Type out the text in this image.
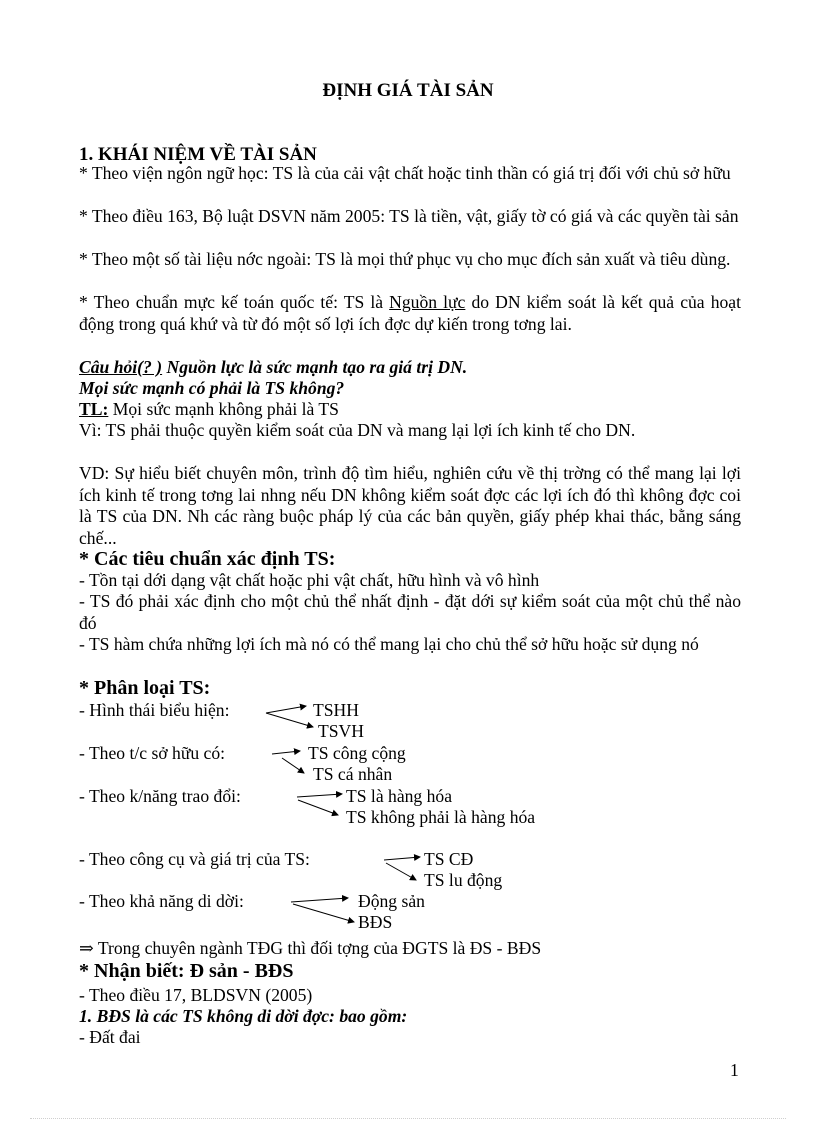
ĐỊNH GIÁ TÀI SẢN
1. KHÁI NIỆM VỀ TÀI SẢN
* Theo viện ngôn ngữ học: TS là của cải vật chất hoặc tinh thần có giá trị đối với chủ sở hữu
* Theo điều 163, Bộ luật DSVN năm 2005: TS là tiền, vật, giấy tờ có giá và các quyền tài sản
* Theo một số tài liệu nớc ngoài: TS là mọi thứ phục vụ cho mục đích sản xuất và tiêu dùng.
* Theo chuẩn mực kế toán quốc tế: TS là Nguồn lực do DN kiểm soát là kết quả của hoạt động trong quá khứ và từ đó một số lợi ích đợc dự kiến trong tơng lai.
Câu hỏi(? ) Nguồn lực là sức mạnh tạo ra giá trị DN.
Mọi sức mạnh có phải là TS không?
TL: Mọi sức mạnh không phải là TS
Vì: TS phải thuộc quyền kiểm soát của DN và mang lại lợi ích kinh tế cho DN.
VD: Sự hiểu biết chuyên môn, trình độ tìm hiểu, nghiên cứu về thị trờng có thể mang lại lợi ích kinh tế trong tơng lai nhng nếu DN không kiểm soát đợc các lợi ích đó thì không đợc coi là TS của DN. Nh các ràng buộc pháp lý của các bản quyền, giấy phép khai thác, bằng sáng chế...
* Các tiêu chuẩn xác định TS:
- Tồn tại dới dạng vật chất hoặc phi vật chất, hữu hình và vô hình
- TS đó phải xác định cho một chủ thể nhất định - đặt dới sự kiểm soát của một chủ thể nào đó
- TS hàm chứa những lợi ích mà nó có thể mang lại cho chủ thể sở hữu hoặc sử dụng nó
* Phân loại TS:
- Hình thái biểu hiện:	TSHH
TSVH
- Theo t/c sở hữu có:	TS công cộng
TS cá nhân
- Theo k/năng trao đổi:	TS là hàng hóa
TS không phải là hàng hóa
- Theo công cụ và giá trị của TS:	TS CĐ
TS lu động
- Theo khả năng di dời:	Động sản
BĐS
⇒ Trong chuyên ngành TĐG thì đối tợng của ĐGTS là ĐS - BĐS
* Nhận biết: Đ sản - BĐS
- Theo điều 17, BLDSVN (2005)
1. BĐS là các TS không di dời đợc: bao gồm:
- Đất đai
1
